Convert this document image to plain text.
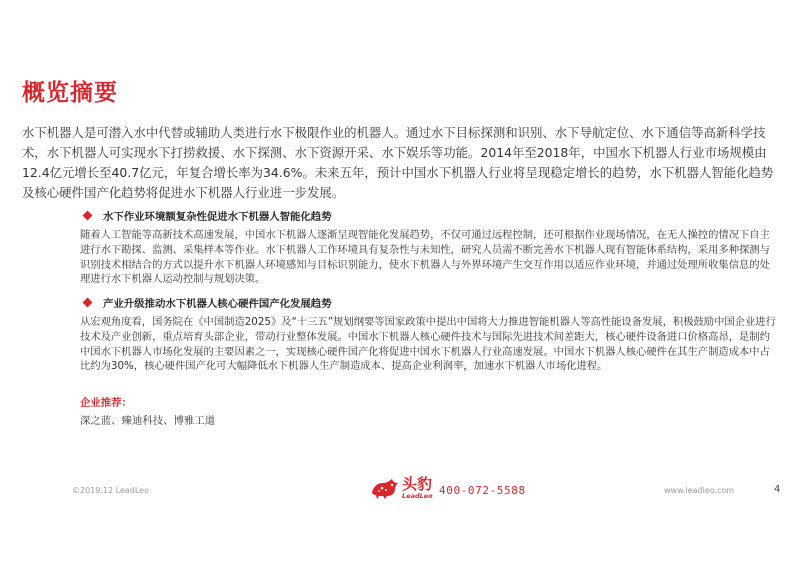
概览摘要
水下机器人是可潜入水中代替或辅助人类进行水下极限作业的机器人。通过水下目标探测和识别、水下导航定位、水下通信等高新科学技术，水下机器人可实现水下打捞救援、水下探测、水下资源开采、水下娱乐等功能。2014年至2018年，中国水下机器人行业市场规模由12.4亿元增长至40.7亿元，年复合增长率为34.6%。未来五年，预计中国水下机器人行业将呈现稳定增长的趋势，水下机器人智能化趋势及核心硬件国产化趋势将促进水下机器人行业进一步发展。
水下作业环境额复杂性促进水下机器人智能化趋势
随着人工智能等高新技术高速发展，中国水下机器人逐渐呈现智能化发展趋势，不仅可通过远程控制，还可根据作业现场情况，在无人操控的情况下自主进行水下勘探、监测、采集样本等作业。水下机器人工作环境具有复杂性与未知性，研究人员需不断完善水下机器人现有智能体系结构，采用多种探测与识别技术相结合的方式以提升水下机器人环境感知与目标识别能力，使水下机器人与外界环境产生交互作用以适应作业环境，并通过处理所收集信息的处理进行水下机器人运动控制与规划决策。
产业升级推动水下机器人核心硬件国产化发展趋势
从宏观角度看，国务院在《中国制造2025》及“十三五”规划纲要等国家政策中提出中国将大力推进智能机器人等高性能设备发展，积极鼓励中国企业进行技术及产业创新，重点培育头部企业，带动行业整体发展。中国水下机器人核心硬件技术与国际先进技术间差距大，核心硬件设备进口价格高昂，是制约中国水下机器人市场化发展的主要因素之一，实现核心硬件国产化将促进中国水下机器人行业高速发展。中国水下机器人核心硬件在其生产制造成本中占比约为30%，核心硬件国产化可大幅降低水下机器人生产制造成本、提高企业利润率，加速水下机器人市场化进程。
企业推荐：
深之蓝、臻迪科技、博雅工道
©2019.12 LeadLeo	头豹
LeadLeo 400-072-5588	www.leadleo.com	4
